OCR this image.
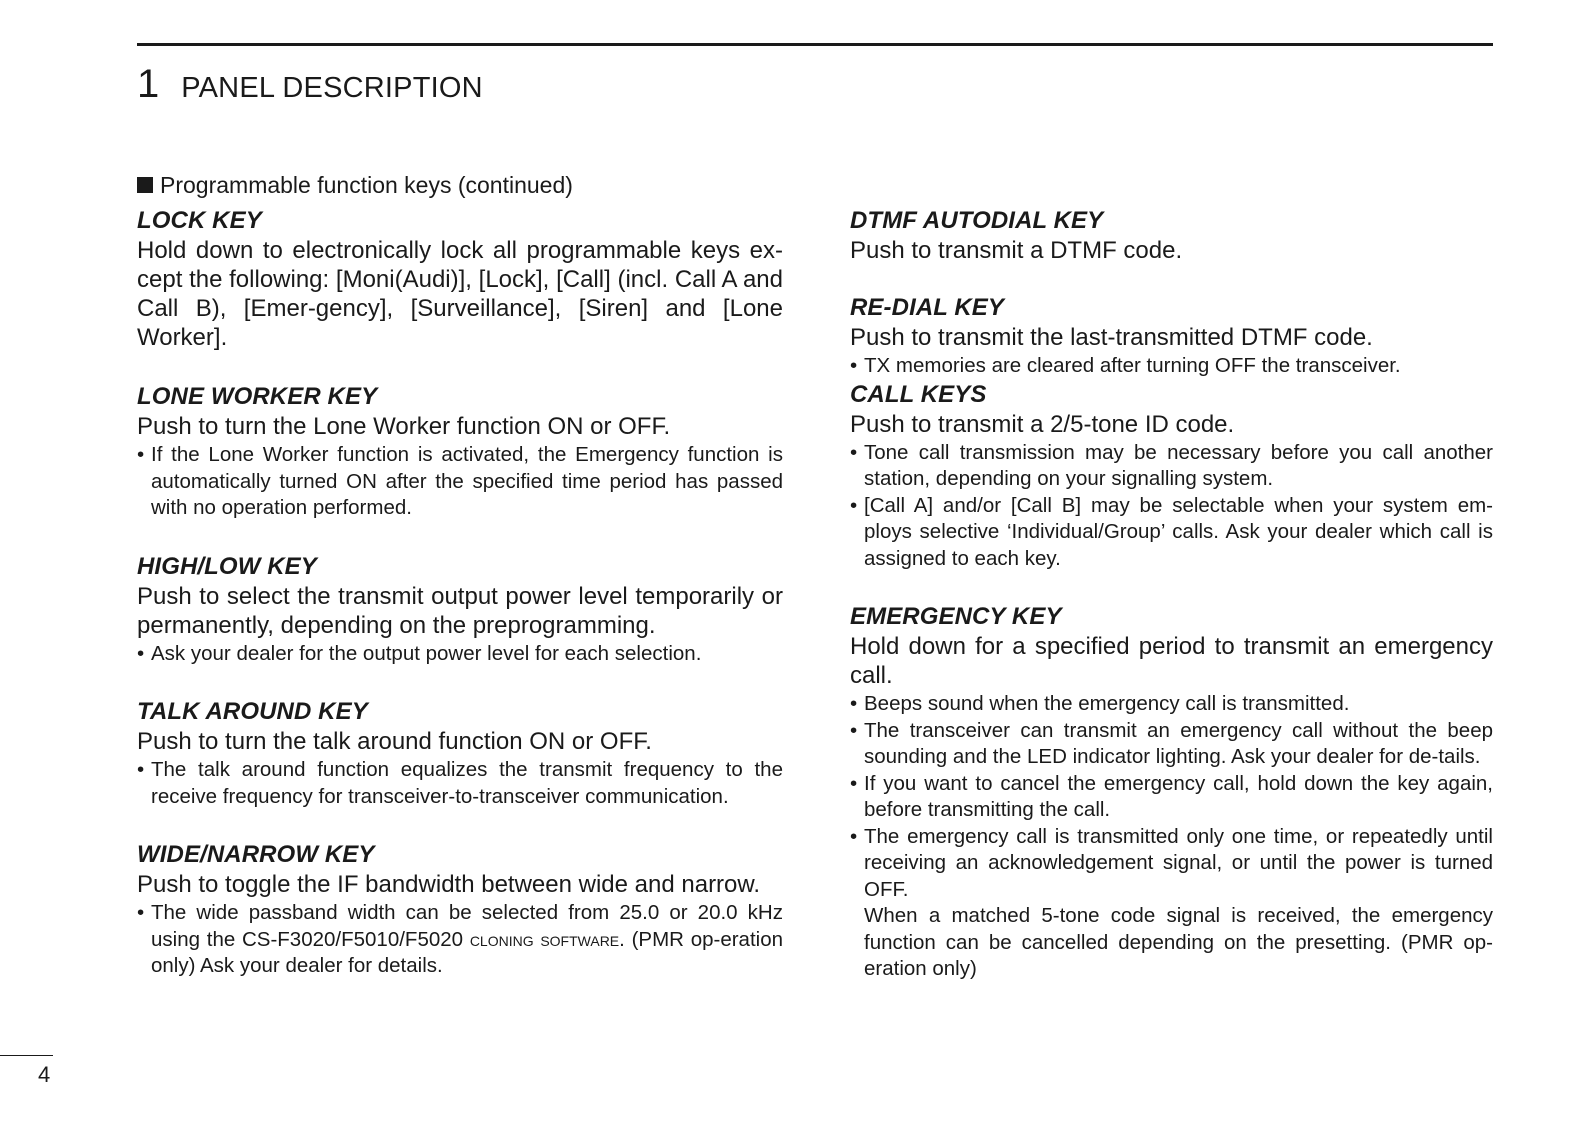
1 PANEL DESCRIPTION
Programmable function keys (continued)
LOCK KEY
Hold down to electronically lock all programmable keys ex-cept the following: [Moni(Audi)], [Lock], [Call] (incl. Call A and Call B), [Emer-gency], [Surveillance], [Siren] and [Lone Worker].
LONE WORKER KEY
Push to turn the Lone Worker function ON or OFF.
• If the Lone Worker function is activated, the Emergency function is automatically turned ON after the specified time period has passed with no operation performed.
HIGH/LOW KEY
Push to select the transmit output power level temporarily or permanently, depending on the preprogramming.
• Ask your dealer for the output power level for each selection.
TALK AROUND KEY
Push to turn the talk around function ON or OFF.
• The talk around function equalizes the transmit frequency to the receive frequency for transceiver-to-transceiver communication.
WIDE/NARROW KEY
Push to toggle the IF bandwidth between wide and narrow.
• The wide passband width can be selected from 25.0 or 20.0 kHz using the CS-F3020/F5010/F5020 cloning software. (PMR op-eration only) Ask your dealer for details.
DTMF AUTODIAL KEY
Push to transmit a DTMF code.
RE-DIAL KEY
Push to transmit the last-transmitted DTMF code.
• TX memories are cleared after turning OFF the transceiver.
CALL KEYS
Push to transmit a 2/5-tone ID code.
• Tone call transmission may be necessary before you call another station, depending on your signalling system.
• [Call A] and/or [Call B] may be selectable when your system em-ploys selective ‘Individual/Group’ calls. Ask your dealer which call is assigned to each key.
EMERGENCY KEY
Hold down for a specified period to transmit an emergency call.
• Beeps sound when the emergency call is transmitted.
• The transceiver can transmit an emergency call without the beep sounding and the LED indicator lighting. Ask your dealer for de-tails.
• If you want to cancel the emergency call, hold down the key again, before transmitting the call.
• The emergency call is transmitted only one time, or repeatedly until receiving an acknowledgement signal, or until the power is turned OFF.
When a matched 5-tone code signal is received, the emergency function can be cancelled depending on the presetting. (PMR op-eration only)
4
